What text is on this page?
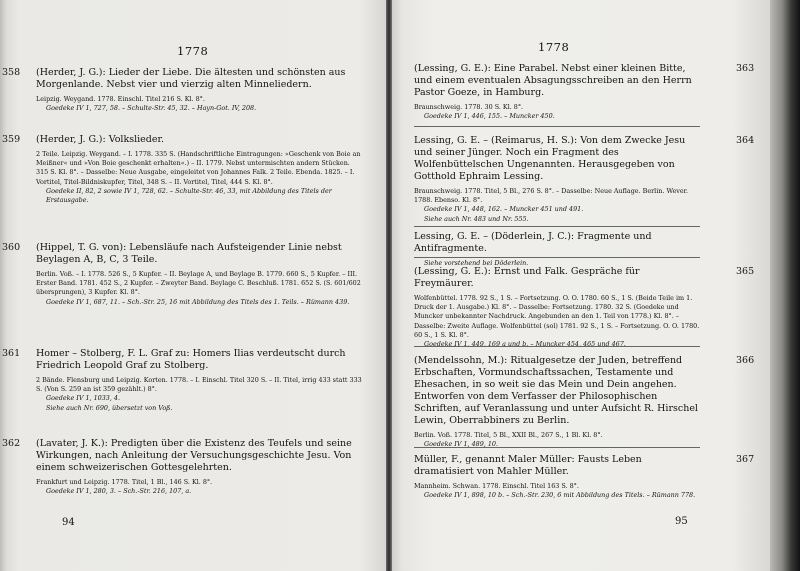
1778
358 (Herder, J. G.): Lieder der Liebe. Die ältesten und schönsten aus Morgenlande. Nebst vier und vierzig alten Minneliedern.
Leipzig. Weygand. 1778. Einschl. Titel 216 S. Kl. 8°.
Goedeke IV 1, 727, 58. – Schulte-Str. 45, 32. – Hayn-Got. IV, 208.
359 (Herder, J. G.): Volkslieder.
2 Teile. Leipzig. Weygand. – I. 1778. 335 S. (Handschriftliche Eintragungen: »Geschenk von Boie an Meißner« und »Von Boie geschenkt erhalten«.) – II. 1779. Nebst untermischten andern Stücken. 315 S. Kl. 8°. – Dasselbe: Neue Ausgabe, eingeleitet von Johannes Falk. 2 Teile. Ebenda. 1825. – I. Vortitel, Titel-Bildniskupfer, Titel, 348 S. – II. Vortitel, Titel, 444 S. Kl. 8°.
Goedeke II, 82, 2 sowie IV 1, 728, 62. – Schulte-Str. 46, 33, mit Abbildung des Titels der Erstausgabe.
360 (Hippel, T. G. von): Lebensläufe nach Aufsteigender Linie nebst Beylagen A, B, C, 3 Teile.
Berlin. Voß. – I. 1778. 526 S., 5 Kupfer. – II. Beylage A, und Beylage B. 1779. 660 S., 5 Kupfer. – III. Erster Band. 1781. 452 S., 2 Kupfer. – Zweyter Band. Beylage C. Beschluß. 1781. 652 S. (S. 601/602 übersprungen), 3 Kupfer. Kl. 8°.
Goedeke IV 1, 687, 11. – Sch.-Str. 25, 16 mit Abbildung des Titels des 1. Teils. – Rümann 439.
361 Homer – Stolberg, F. L. Graf zu: Homers Ilias verdeutscht durch Friedrich Leopold Graf zu Stolberg.
2 Bände. Flensburg und Leipzig. Korten. 1778. – I. Einschl. Titel 320 S. – II. Titel, irrig 433 statt 333 S. (Von S. 259 an ist 359 gezählt.) 8°.
Goedeke IV 1, 1033, 4.
Siehe auch Nr. 690, übersetzt von Voß.
362 (Lavater, J. K.): Predigten über die Existenz des Teufels und seine Wirkungen, nach Anleitung der Versuchungsgeschichte Jesu. Von einem schweizerischen Gottesgelehrten.
Frankfurt und Leipzig. 1778. Titel, 1 Bl., 146 S. Kl. 8°.
Goedeke IV 1, 280, 3. – Sch.-Str. 216, 107, a.
94
1778
363
(Lessing, G. E.): Eine Parabel. Nebst einer kleinen Bitte, und einem eventualen Absagungsschreiben an den Herrn Pastor Goeze, in Hamburg.
Braunschweig. 1778. 30 S. Kl. 8°.
Goedeke IV 1, 446, 155. – Muncker 450.
364
Lessing, G. E. – (Reimarus, H. S.): Von dem Zwecke Jesu und seiner Jünger. Noch ein Fragment des Wolfenbüttelschen Ungenannten. Herausgegeben von Gotthold Ephraim Lessing.
Braunschweig. 1778. Titel, 5 Bl., 276 S. 8°. – Dasselbe: Neue Auflage. Berlin. Wever. 1788. Ebenso. Kl. 8°.
Goedeke IV 1, 448, 162. – Muncker 451 und 491.
Siehe auch Nr. 483 und Nr. 555.
Lessing, G. E. – (Döderlein, J. C.): Fragmente und Antifragmente.
Siehe vorstehend bei Döderlein.
365
(Lessing, G. E.): Ernst und Falk. Gespräche für Freymäurer.
Wolfenbüttel. 1778. 92 S., 1 S. – Fortsetzung. O. O. 1780. 60 S., 1 S. (Beide Teile im 1. Druck der 1. Ausgabe.) Kl. 8°. – Dasselbe: Fortsetzung. 1780. 32 S. (Goedeke und Muncker unbekannter Nachdruck. Angebunden an den 1. Teil von 1778.) Kl. 8°. – Dasselbe: Zweite Auflage. Wolfenbüttel (sol) 1781. 92 S., 1 S. – Fortsetzung. O. O. 1780. 60 S., 1 S. Kl. 8°.
Goedeke IV 1, 449, 169 a und b. – Muncker 454, 465 und 467.
366
(Mendelssohn, M.): Ritualgesetze der Juden, betreffend Erbschaften, Vormundschaftssachen, Testamente und Ehesachen, in so weit sie das Mein und Dein angehen. Entworfen von dem Verfasser der Philosophischen Schriften, auf Veranlassung und unter Aufsicht R. Hirschel Lewin, Oberrabbiners zu Berlin.
Berlin. Voß. 1778. Titel, 5 Bl., XXII Bl., 267 S., 1 Bl. Kl. 8°.
Goedeke IV 1, 489, 10.
367
Müller, F., genannt Maler Müller: Fausts Leben dramatisiert von Mahler Müller.
Mannheim. Schwan. 1778. Einschl. Titel 163 S. 8°.
Goedeke IV 1, 898, 10 b. – Sch.-Str. 230, 6 mit Abbildung des Titels. – Rümann 778.
95
